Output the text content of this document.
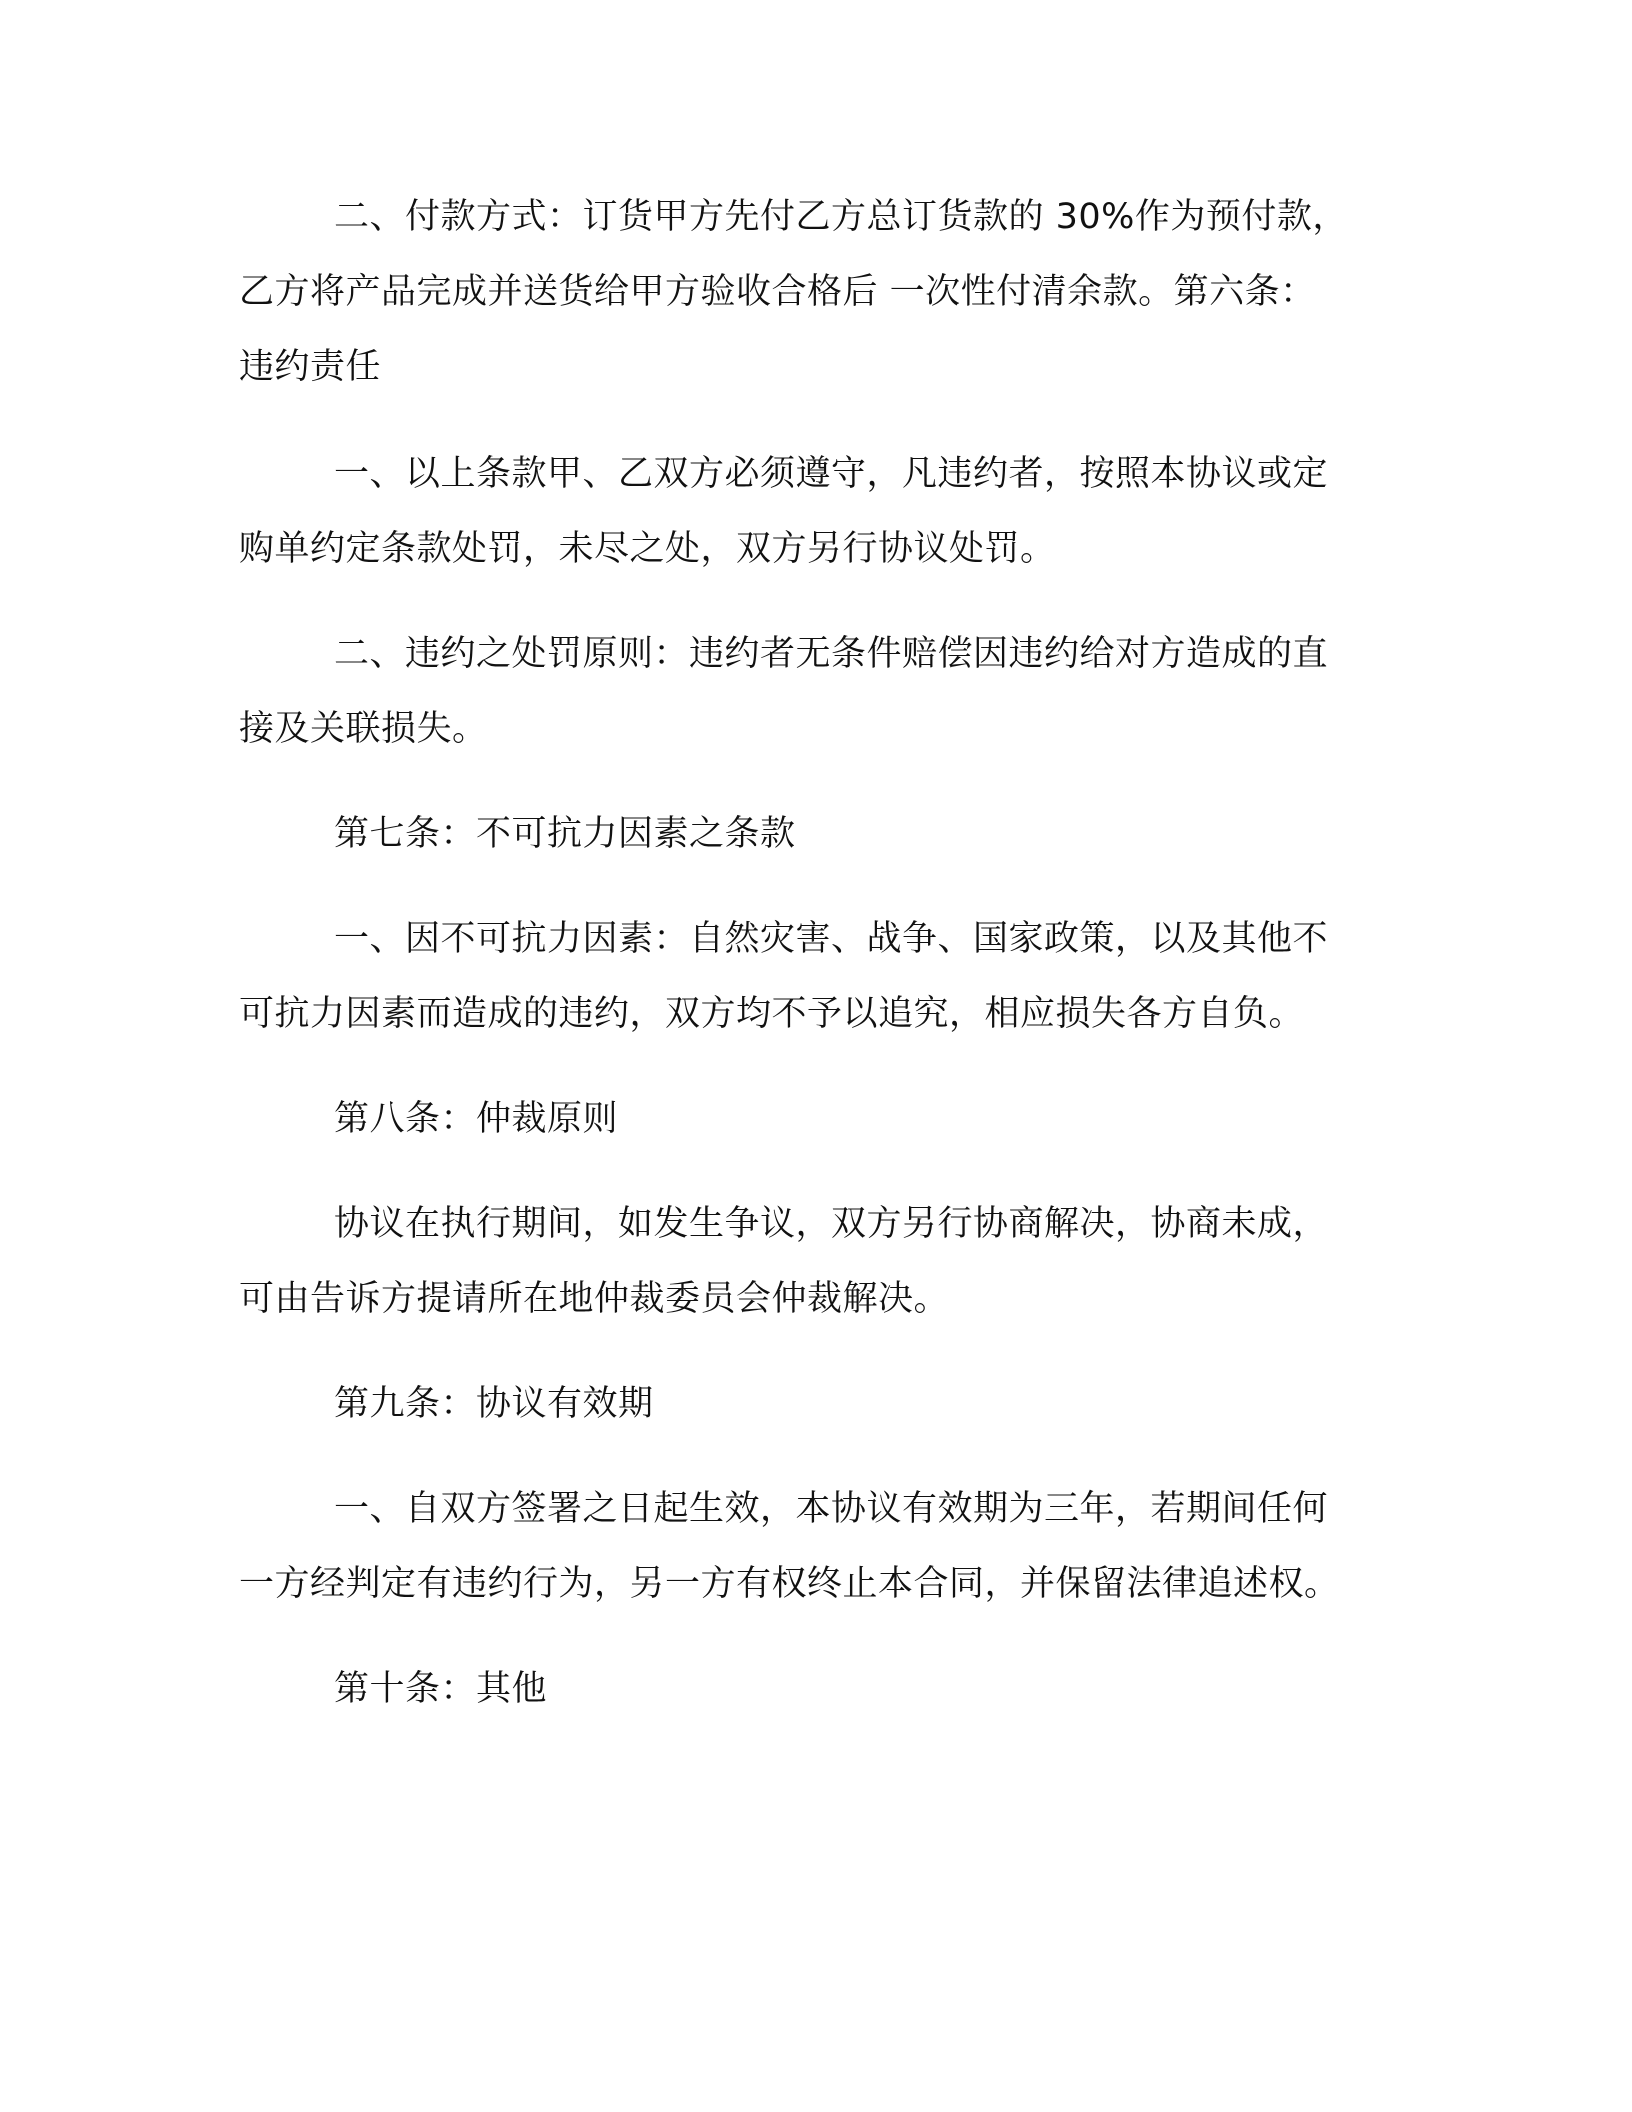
二、付款方式：订货甲方先付乙方总订货款的 30%作为预付款，
乙方将产品完成并送货给甲方验收合格后 一次性付清余款。第六条：
违约责任

一、以上条款甲、乙双方必须遵守，凡违约者，按照本协议或定
购单约定条款处罚，未尽之处，双方另行协议处罚。

二、违约之处罚原则：违约者无条件赔偿因违约给对方造成的直
接及关联损失。

第七条：不可抗力因素之条款

一、因不可抗力因素：自然灾害、战争、国家政策，以及其他不
可抗力因素而造成的违约，双方均不予以追究，相应损失各方自负。

第八条：仲裁原则

协议在执行期间，如发生争议，双方另行协商解决，协商未成，
可由告诉方提请所在地仲裁委员会仲裁解决。

第九条：协议有效期

一、自双方签署之日起生效，本协议有效期为三年，若期间任何
一方经判定有违约行为，另一方有权终止本合同，并保留法律追述权。

第十条：其他
